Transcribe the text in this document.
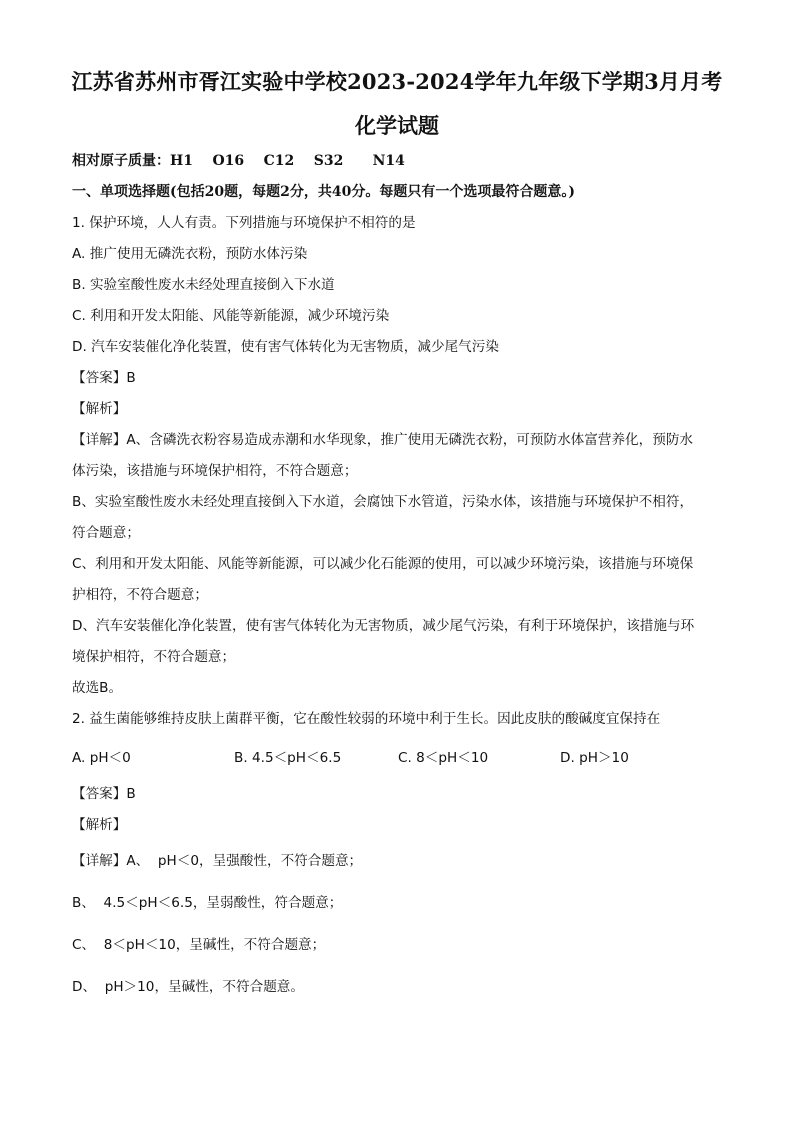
江苏省苏州市胥江实验中学校2023-2024学年九年级下学期3月月考
化学试题
相对原子质量：H1    O16    C12    S32      N14
一、单项选择题(包括20题，每题2分，共40分。每题只有一个选项最符合题意。)
1. 保护环境，人人有责。下列措施与环境保护不相符的是
A. 推广使用无磷洗衣粉，预防水体污染
B. 实验室酸性废水未经处理直接倒入下水道
C. 利用和开发太阳能、风能等新能源，减少环境污染
D. 汽车安装催化净化装置，使有害气体转化为无害物质，减少尾气污染
【答案】B
【解析】
【详解】A、含磷洗衣粉容易造成赤潮和水华现象，推广使用无磷洗衣粉，可预防水体富营养化，预防水
体污染，该措施与环境保护相符，不符合题意；
B、实验室酸性废水未经处理直接倒入下水道，会腐蚀下水管道，污染水体，该措施与环境保护不相符，
符合题意；
C、利用和开发太阳能、风能等新能源，可以减少化石能源的使用，可以减少环境污染，该措施与环境保
护相符，不符合题意；
D、汽车安装催化净化装置，使有害气体转化为无害物质，减少尾气污染，有利于环境保护，该措施与环
境保护相符，不符合题意；
故选B。
2. 益生菌能够维持皮肤上菌群平衡，它在酸性较弱的环境中利于生长。因此皮肤的酸碱度宜保持在
A. pH＜0	B. 4.5＜pH＜6.5	C. 8＜pH＜10	D. pH＞10
【答案】B
【解析】
【详解】A、  pH＜0，呈强酸性，不符合题意；
B、  4.5＜pH＜6.5，呈弱酸性，符合题意；
C、  8＜pH＜10，呈碱性，不符合题意；
D、  pH＞10，呈碱性，不符合题意。
